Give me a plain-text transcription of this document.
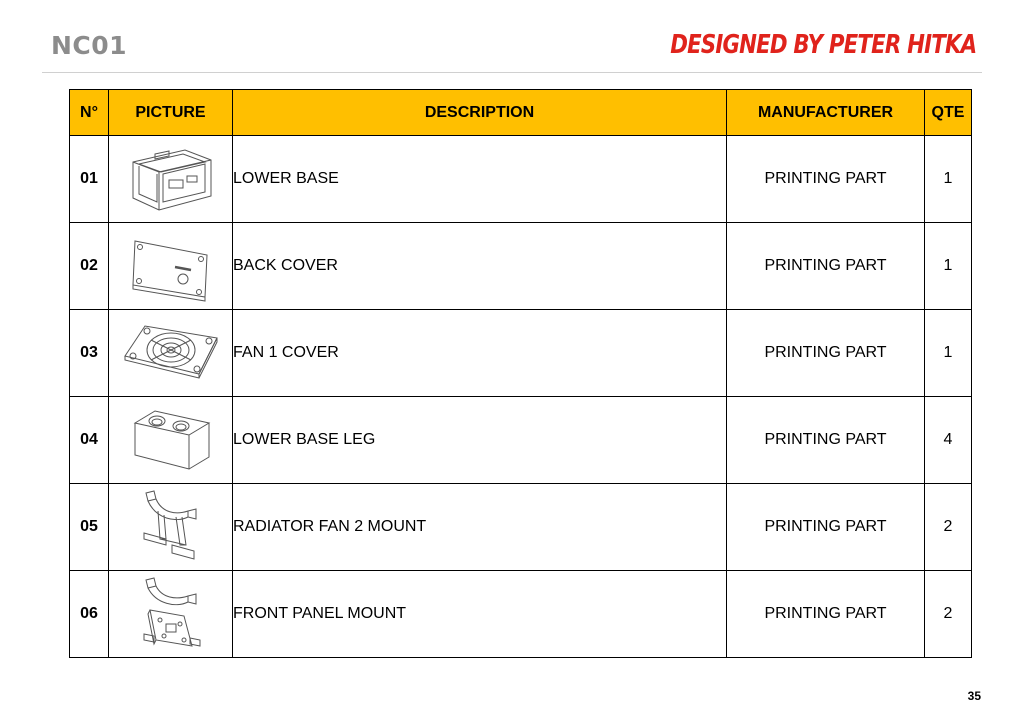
NC01	DESIGNED BY PETER HITKA
N°	PICTURE	DESCRIPTION	MANUFACTURER	QTE
01		LOWER BASE	PRINTING PART	1
02		BACK COVER	PRINTING PART	1
03		FAN 1 COVER	PRINTING PART	1
04		LOWER BASE LEG	PRINTING PART	4
05		RADIATOR FAN 2 MOUNT	PRINTING PART	2
06		FRONT PANEL MOUNT	PRINTING PART	2
35
